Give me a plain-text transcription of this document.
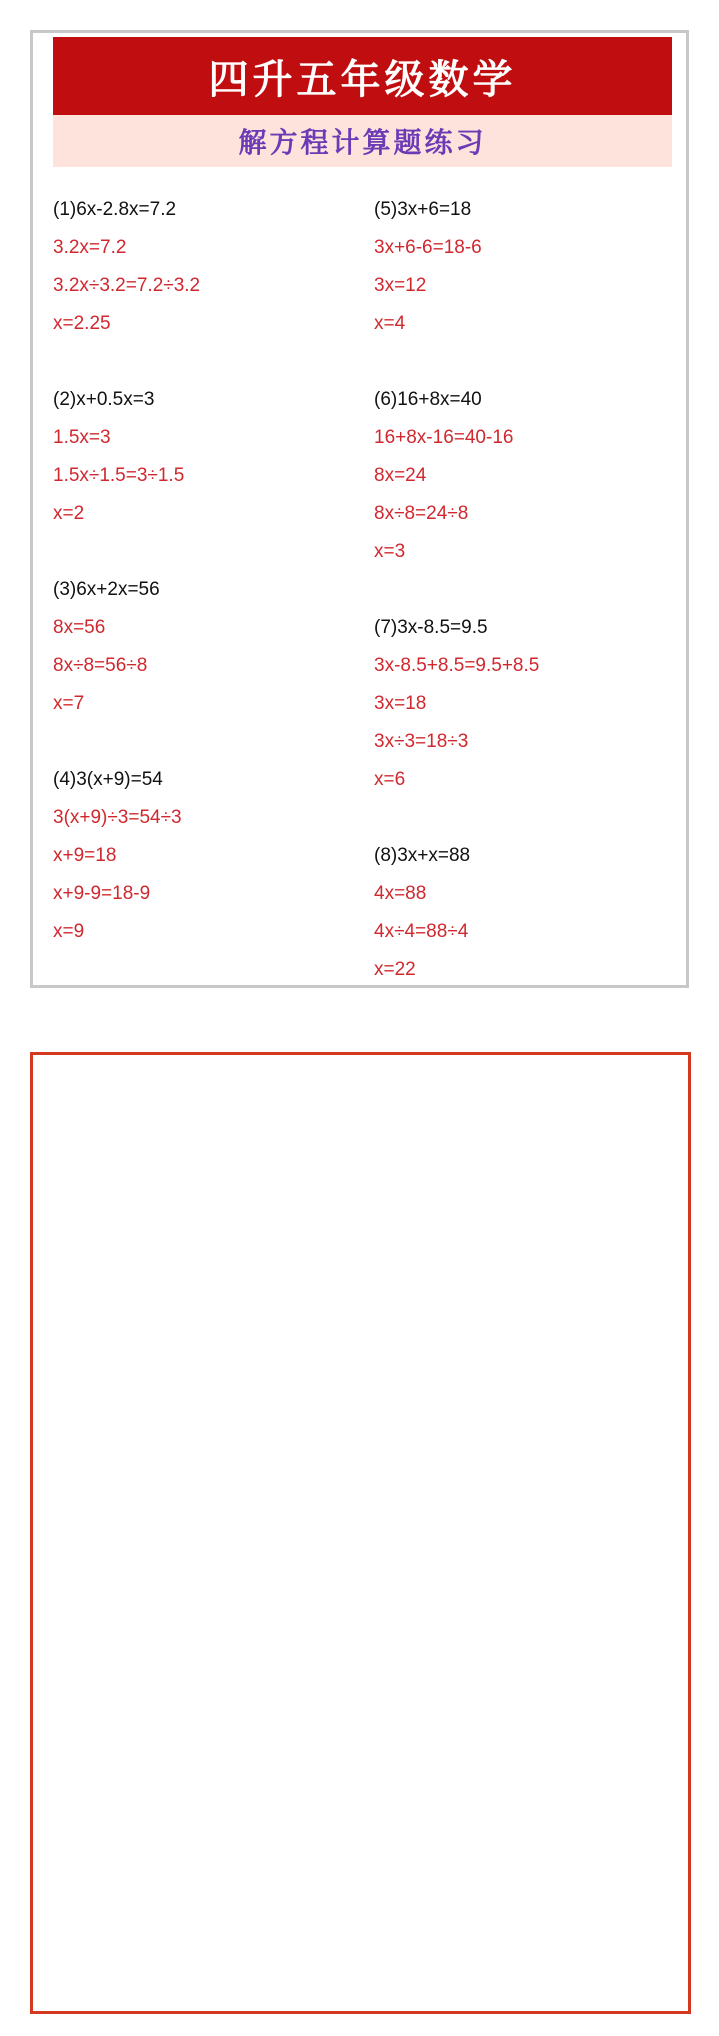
四升五年级数学
解方程计算题练习
(1)6x-2.8x=7.2
3.2x=7.2
3.2x÷3.2=7.2÷3.2
x=2.25
(2)x+0.5x=3
1.5x=3
1.5x÷1.5=3÷1.5
x=2
(3)6x+2x=56
8x=56
8x÷8=56÷8
x=7
(4)3(x+9)=54
3(x+9)÷3=54÷3
x+9=18
x+9-9=18-9
x=9
(5)3x+6=18
3x+6-6=18-6
3x=12
x=4
(6)16+8x=40
16+8x-16=40-16
8x=24
8x÷8=24÷8
x=3
(7)3x-8.5=9.5
3x-8.5+8.5=9.5+8.5
3x=18
3x÷3=18÷3
x=6
(8)3x+x=88
4x=88
4x÷4=88÷4
x=22
